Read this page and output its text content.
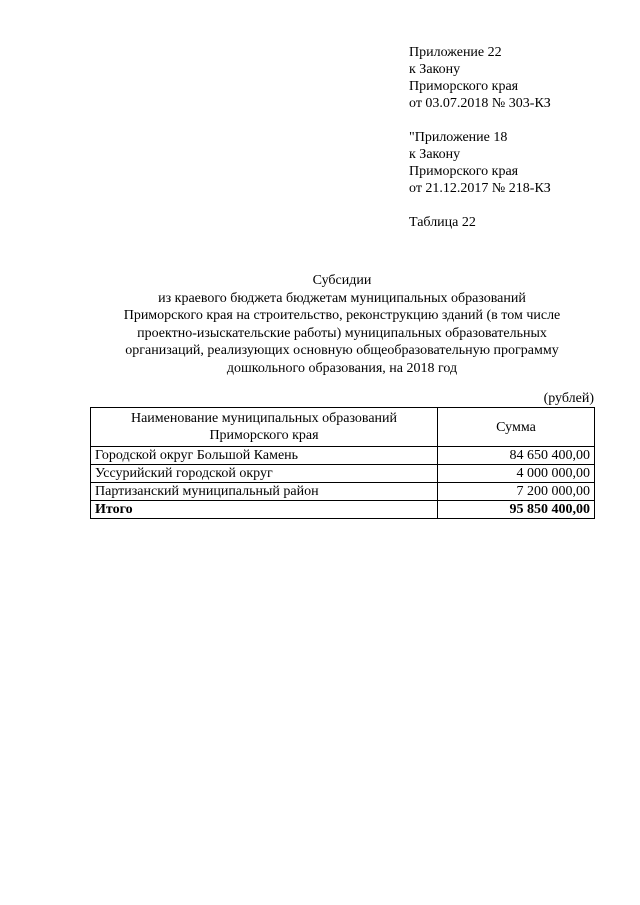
Приложение 22
к Закону
Приморского края
от 03.07.2018 № 303-КЗ
"Приложение 18
к Закону
Приморского края
от 21.12.2017 № 218-КЗ
Таблица 22
Субсидии
из краевого бюджета бюджетам муниципальных образований
Приморского края на строительство, реконструкцию зданий (в том числе
проектно-изыскательские работы) муниципальных образовательных
организаций, реализующих основную общеобразовательную программу
дошкольного образования, на 2018 год
(рублей)
Наименование муниципальных образований
Приморского края	Сумма
Городской округ Большой Камень	84 650 400,00
Уссурийский городской округ	4 000 000,00
Партизанский муниципальный район	7 200 000,00
Итого	95 850 400,00
